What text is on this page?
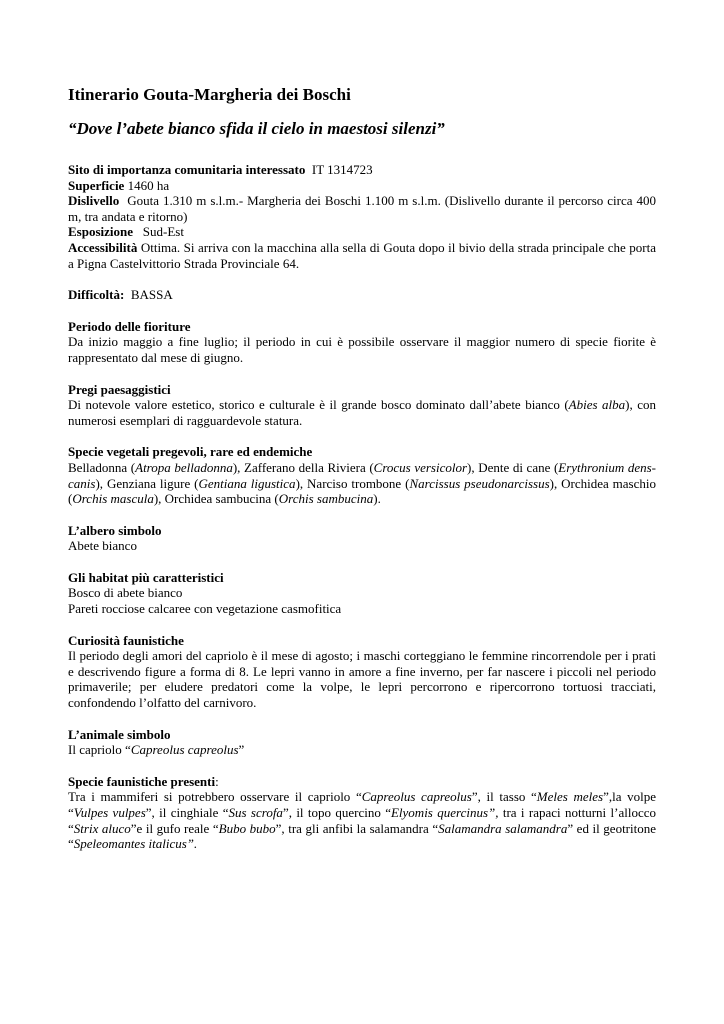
Itinerario Gouta-Margheria dei Boschi

“Dove l’abete bianco sfida il cielo in maestosi silenzi”

Sito di importanza comunitaria interessato IT 1314723
Superficie 1460 ha
Dislivello Gouta 1.310 m s.l.m.- Margheria dei Boschi 1.100 m s.l.m. (Dislivello durante il percorso circa 400 m, tra andata e ritorno)
Esposizione Sud-Est
Accessibilità Ottima. Si arriva con la macchina alla sella di Gouta dopo il bivio della strada principale che porta a Pigna Castelvittorio Strada Provinciale 64.
Difficoltà: BASSA
Periodo delle fioriture
Da inizio maggio a fine luglio; il periodo in cui è possibile osservare il maggior numero di specie fiorite è rappresentato dal mese di giugno.
Pregi paesaggistici
Di notevole valore estetico, storico e culturale è il grande bosco dominato dall’abete bianco (Abies alba), con numerosi esemplari di ragguardevole statura.
Specie vegetali pregevoli, rare ed endemiche
Belladonna (Atropa belladonna), Zafferano della Riviera (Crocus versicolor), Dente di cane (Erythronium dens-canis), Genziana ligure (Gentiana ligustica), Narciso trombone (Narcissus pseudonarcissus), Orchidea maschio (Orchis mascula), Orchidea sambucina (Orchis sambucina).
L’albero simbolo
Abete bianco
Gli habitat più caratteristici
Bosco di abete bianco
Pareti rocciose calcaree con vegetazione casmofitica
Curiosità faunistiche
Il periodo degli amori del capriolo è il mese di agosto; i maschi corteggiano le femmine rincorrendole per i prati e descrivendo figure a forma di 8. Le lepri vanno in amore a fine inverno, per far nascere i piccoli nel periodo primaverile; per eludere predatori come la volpe, le lepri percorrono e ripercorrono tortuosi tracciati, confondendo l’olfatto del carnivoro.
L’animale simbolo
Il capriolo “Capreolus capreolus”
Specie faunistiche presenti:
Tra i mammiferi si potrebbero osservare il capriolo “Capreolus capreolus”, il tasso “Meles meles”,la volpe “Vulpes vulpes”, il cinghiale “Sus scrofa”, il topo quercino “Elyomis quercinus”, tra i rapaci notturni l’allocco “Strix aluco”e il gufo reale “Bubo bubo”, tra gli anfibi la salamandra “Salamandra salamandra” ed il geotritone “Speleomantes italicus”.
